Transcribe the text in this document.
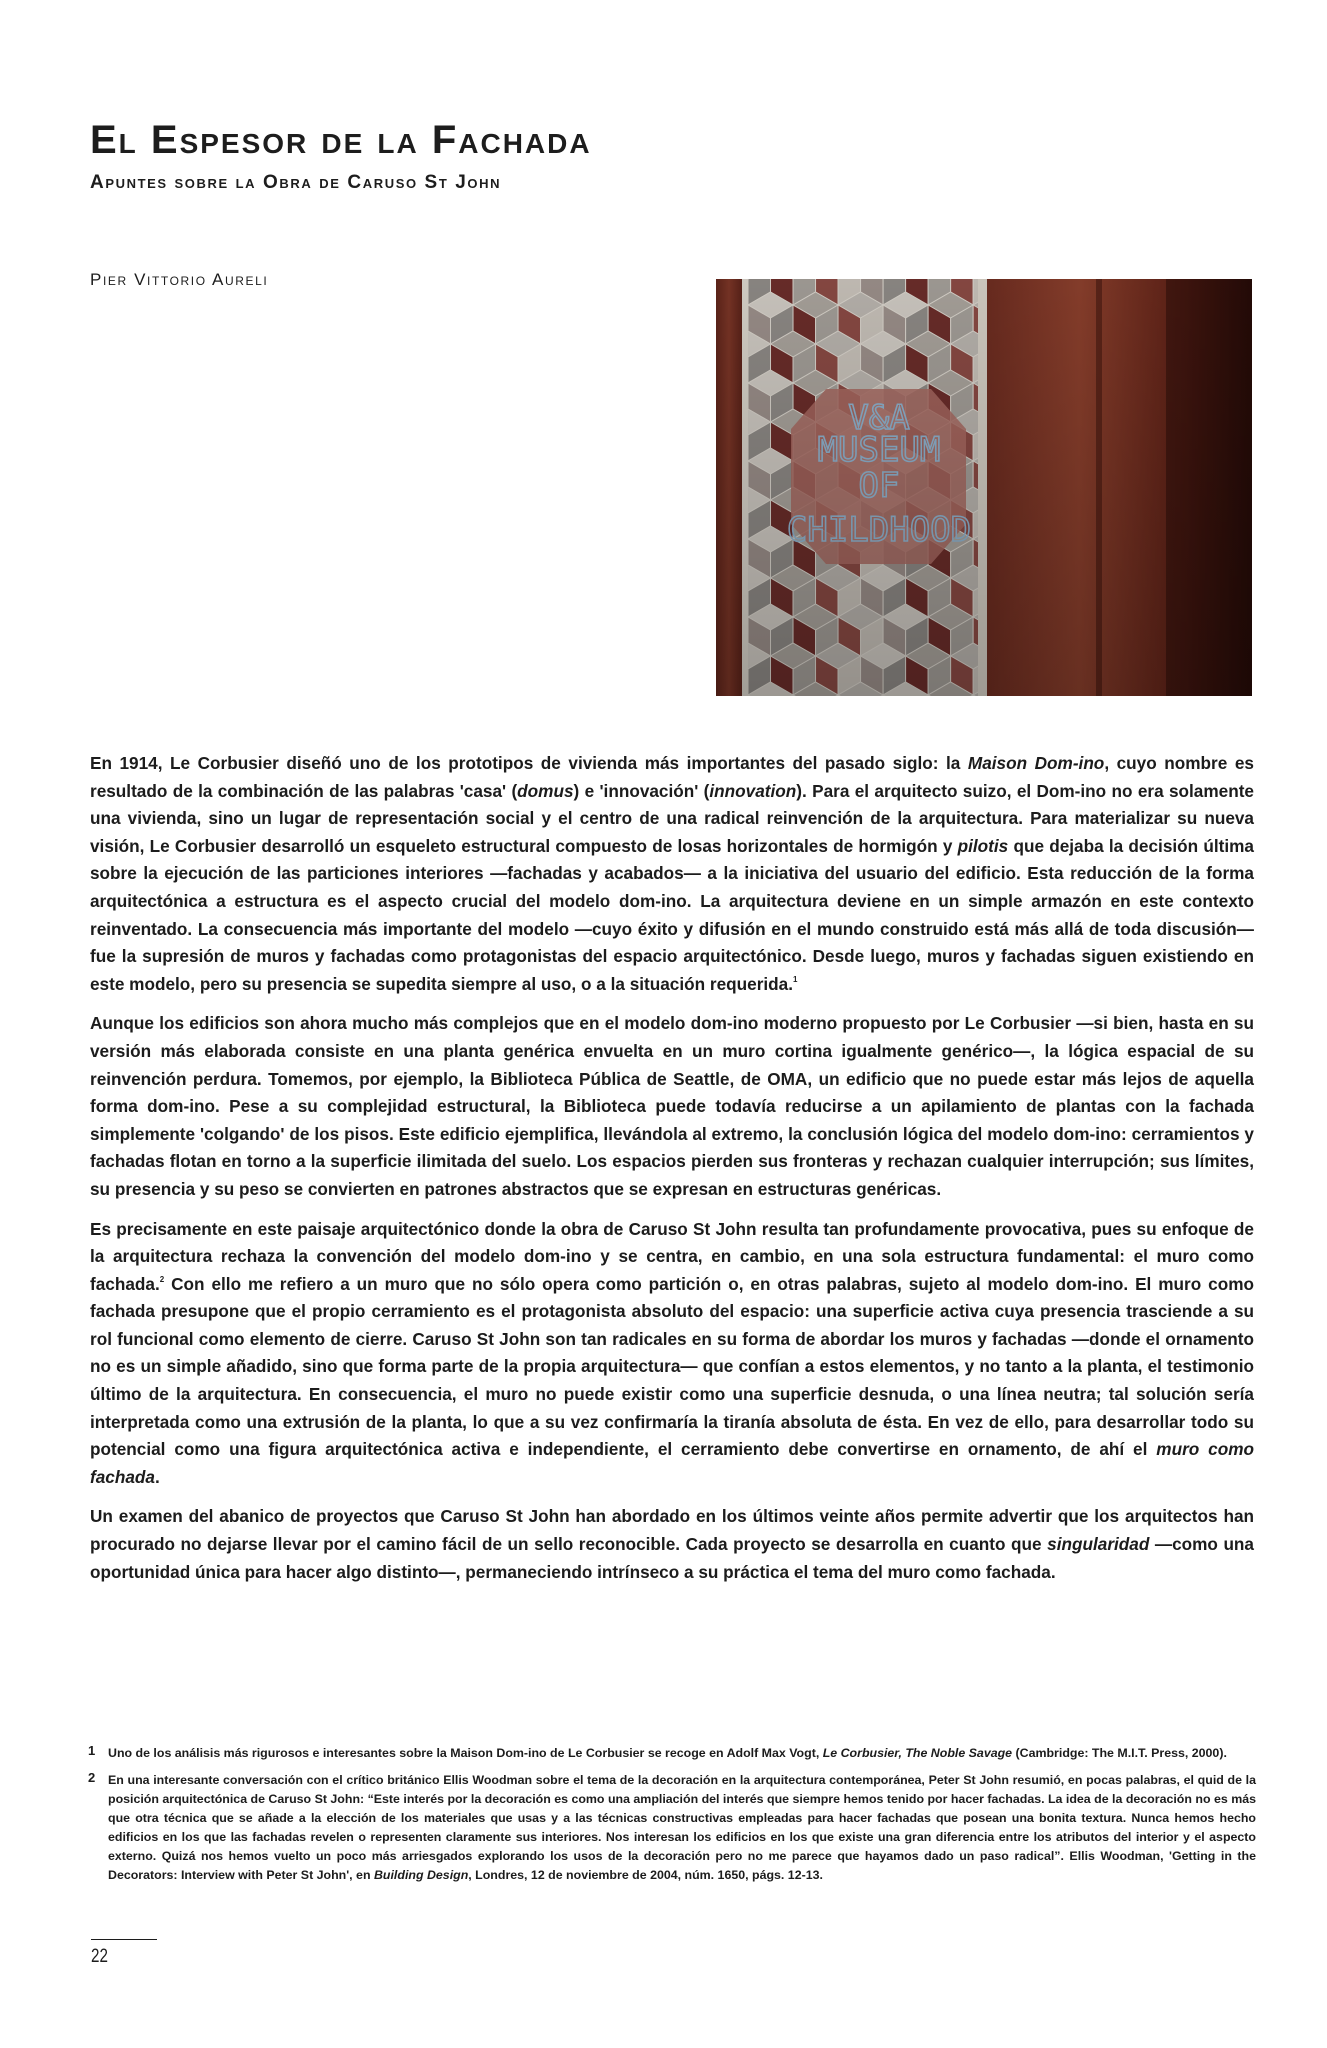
El Espesor de la Fachada
Apuntes sobre la Obra de Caruso St John
Pier Vittorio Aureli

En 1914, Le Corbusier diseñó uno de los prototipos de vivienda más importantes del pasado siglo: la Maison Dom-ino, cuyo nombre es resultado de la combinación de las palabras 'casa' (domus) e 'innovación' (innovation). Para el arquitecto suizo, el Dom-ino no era solamente una vivienda, sino un lugar de representación social y el centro de una radical reinvención de la arquitectura. Para materializar su nueva visión, Le Corbusier desarrolló un esqueleto estructural compuesto de losas horizontales de hormigón y pilotis que dejaba la decisión última sobre la ejecución de las particiones interiores —fachadas y acabados— a la iniciativa del usuario del edificio. Esta reducción de la forma arquitectónica a estructura es el aspecto crucial del modelo dom-ino. La arquitectura deviene en un simple armazón en este contexto reinventado. La consecuencia más importante del modelo —cuyo éxito y difusión en el mundo construido está más allá de toda discusión— fue la supresión de muros y fachadas como protagonistas del espacio arquitectónico. Desde luego, muros y fachadas siguen existiendo en este modelo, pero su presencia se supedita siempre al uso, o a la situación requerida.$^1$

Aunque los edificios son ahora mucho más complejos que en el modelo dom-ino moderno propuesto por Le Corbusier —si bien, hasta en su versión más elaborada consiste en una planta genérica envuelta en un muro cortina igualmente genérico—, la lógica espacial de su reinvención perdura. Tomemos, por ejemplo, la Biblioteca Pública de Seattle, de OMA, un edificio que no puede estar más lejos de aquella forma dom-ino. Pese a su complejidad estructural, la Biblioteca puede todavía reducirse a un apilamiento de plantas con la fachada simplemente 'colgando' de los pisos. Este edificio ejemplifica, llevándola al extremo, la conclusión lógica del modelo dom-ino: cerramientos y fachadas flotan en torno a la superficie ilimitada del suelo. Los espacios pierden sus fronteras y rechazan cualquier interrupción; sus límites, su presencia y su peso se convierten en patrones abstractos que se expresan en estructuras genéricas.

Es precisamente en este paisaje arquitectónico donde la obra de Caruso St John resulta tan profundamente provocativa, pues su enfoque de la arquitectura rechaza la convención del modelo dom-ino y se centra, en cambio, en una sola estructura fundamental: el muro como fachada.$^2$ Con ello me refiero a un muro que no sólo opera como partición o, en otras palabras, sujeto al modelo dom-ino. El muro como fachada presupone que el propio cerramiento es el protagonista absoluto del espacio: una superficie activa cuya presencia trasciende a su rol funcional como elemento de cierre. Caruso St John son tan radicales en su forma de abordar los muros y fachadas —donde el ornamento no es un simple añadido, sino que forma parte de la propia arquitectura— que confían a estos elementos, y no tanto a la planta, el testimonio último de la arquitectura. En consecuencia, el muro no puede existir como una superficie desnuda, o una línea neutra; tal solución sería interpretada como una extrusión de la planta, lo que a su vez confirmaría la tiranía absoluta de ésta. En vez de ello, para desarrollar todo su potencial como una figura arquitectónica activa e independiente, el cerramiento debe convertirse en ornamento, de ahí el muro como fachada.

Un examen del abanico de proyectos que Caruso St John han abordado en los últimos veinte años permite advertir que los arquitectos han procurado no dejarse llevar por el camino fácil de un sello reconocible. Cada proyecto se desarrolla en cuanto que singularidad —como una oportunidad única para hacer algo distinto—, permaneciendo intrínseco a su práctica el tema del muro como fachada.

1 Uno de los análisis más rigurosos e interesantes sobre la Maison Dom-ino de Le Corbusier se recoge en Adolf Max Vogt, Le Corbusier, The Noble Savage (Cambridge: The M.I.T. Press, 2000).
2 En una interesante conversación con el crítico británico Ellis Woodman sobre el tema de la decoración en la arquitectura contemporánea, Peter St John resumió, en pocas palabras, el quid de la posición arquitectónica de Caruso St John: “Este interés por la decoración es como una ampliación del interés que siempre hemos tenido por hacer fachadas. La idea de la decoración no es más que otra técnica que se añade a la elección de los materiales que usas y a las técnicas constructivas empleadas para hacer fachadas que posean una bonita textura. Nunca hemos hecho edificios en los que las fachadas revelen o representen claramente sus interiores. Nos interesan los edificios en los que existe una gran diferencia entre los atributos del interior y el aspecto externo. Quizá nos hemos vuelto un poco más arriesgados explorando los usos de la decoración pero no me parece que hayamos dado un paso radical”. Ellis Woodman, 'Getting in the Decorators: Interview with Peter St John', en Building Design, Londres, 12 de noviembre de 2004, núm. 1650, págs. 12-13.
22
